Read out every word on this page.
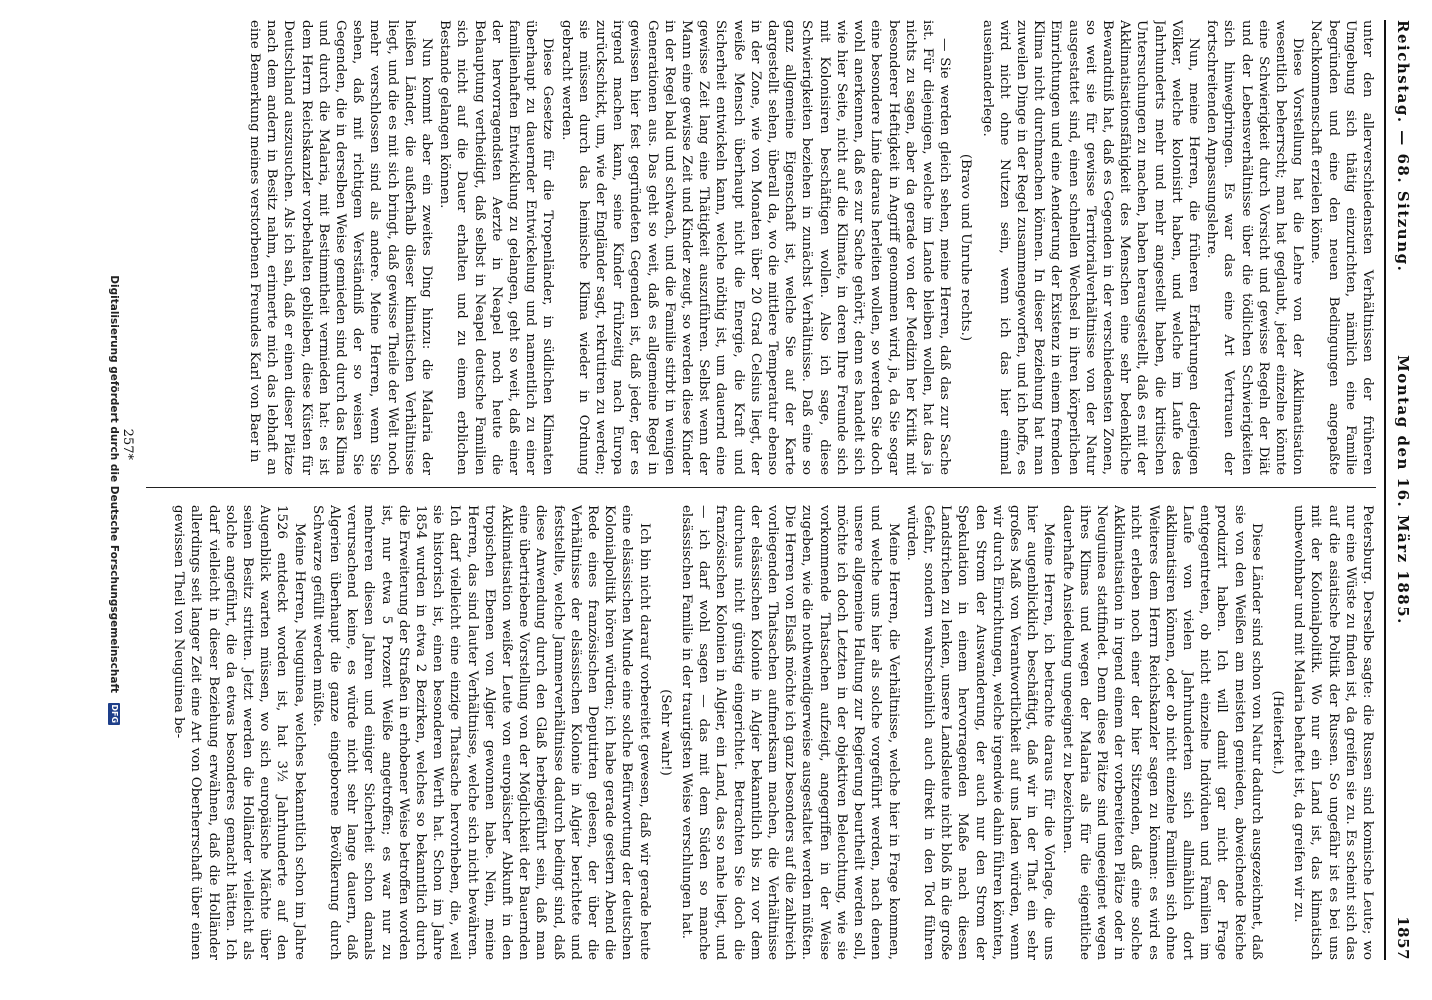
Reichstag. — 68. Sitzung.
Montag den 16. März 1885.
1857

unter den allerverschiedensten Verhältnissen der früheren Umgebung sich thätig einzurichten, nämlich eine Familie begründen und eine den neuen Bedingungen angepaßte Nachkommenschaft erzielen könne.

Diese Vorstellung hat die Lehre von der Akklimatisation wesentlich beherrscht; man hat geglaubt, jeder einzelne könnte eine Schwierigkeit durch Vorsicht und gewisse Regeln der Diät und der Lebensverhältnisse über die tödlichen Schwierigkeiten sich hinwegbringen. Es war das eine Art Vertrauen der fortschreitenden Anpassungslehre.

Nun, meine Herren, die früheren Erfahrungen derjenigen Völker, welche kolonisirt haben, und welche im Laufe des Jahrhunderts mehr und mehr angestellt haben, die kritischen Untersuchungen zu machen, haben herausgestellt, daß es mit der Akklimatisationsfähigkeit des Menschen eine sehr bedenkliche Bewandtniß hat, daß es Gegenden in der verschiedensten Zonen, so weit sie für gewisse Territorialverhältnisse von der Natur ausgestattet sind, einen schnellen Wechsel in ihren körperlichen Einrichtungen und eine Aenderung der Existenz in einem fremden Klima nicht durchmachen können. In dieser Beziehung hat man zuweilen Dinge in der Regel zusammengeworfen, und ich hoffe, es wird nicht ohne Nutzen sein, wenn ich das hier einmal auseinanderlege.

(Bravo und Unruhe rechts.)

— Sie werden gleich sehen, meine Herren, daß das zur Sache ist. Für diejenigen, welche im Lande bleiben wollen, hat das ja nichts zu sagen, aber da gerade von der Medizin her Kritik mit besonderer Heftigkeit in Angriff genommen wird, ja, da Sie sogar eine besondere Linie daraus herleiten wollen, so werden Sie doch wohl anerkennen, daß es zur Sache gehört; denn es handelt sich wie hier Seite, nicht auf die Klimate, in deren Ihre Freunde sich mit Kolonisiren beschäftigen wollen. Also ich sage, diese Schwierigkeiten beziehen in zunächst Verhältnisse. Daß eine so ganz allgemeine Eigenschaft ist, welche Sie auf der Karte dargestellt sehen, überall da, wo die mittlere Temperatur ebenso in der Zone, wie von Monaten über 20 Grad Celsius liegt, der weiße Mensch überhaupt nicht die Energie, die Kraft und Sicherheit entwickeln kann, welche nöthig ist, um dauernd eine gewisse Zeit lang eine Thätigkeit auszuführen. Selbst wenn der Mann eine gewisse Zeit und Kinder zeugt, so werden diese Kinder in der Regel bald und schwach, und die Familie stirbt in wenigen Generationen aus. Das geht so weit, daß es allgemeine Regel in gewissen hier fest gegründeten Gegenden ist, daß jeder, der es irgend machen kann, seine Kinder frühzeitig nach Europa zurückschickt, um, wie der Engländer sagt, rekrutiren zu werden; sie müssen durch das heimische Klima wieder in Ordnung gebracht werden.

Diese Gesetze für die Tropenländer, in südlichen Klimaten überhaupt zu dauernder Entwickelung und namentlich zu einer familienhaften Entwicklung zu gelangen, geht so weit, daß einer der hervorragendsten Aerzte in Neapel noch heute die Behauptung vertheidigt, daß selbst in Neapel deutsche Familien sich nicht auf die Dauer erhalten und zu einem erblichen Bestande gelangen können.

Nun kommt aber ein zweites Ding hinzu: die Malaria der heißen Länder, die außerhalb dieser klimatischen Verhältnisse liegt, und die es mit sich bringt, daß gewisse Theile der Welt noch mehr verschlossen sind als andere. Meine Herren, wenn Sie sehen, daß mit richtigem Verständniß der so weisen Sie Gegenden, die in derselben Weise gemieden sind durch das Klima und durch die Malaria, mit Bestimmtheit vermieden hat: es ist dem Herrn Reichskanzler vorbehalten geblieben, diese Küsten für Deutschland auszusuchen. Als ich sah, daß er einen dieser Plätze nach dem andern in Besitz nahm, erinnerte mich das lebhaft an eine Bemerkung meines verstorbenen Freundes Karl von Baer in

Petersburg. Derselbe sagte: die Russen sind komische Leute; wo nur eine Wüste zu finden ist, da greifen sie zu. Es scheint sich das auf die asiatische Politik der Russen. So ungefähr ist es bei uns mit der Kolonialpolitik. Wo nur ein Land ist, das klimatisch unbewohnbar und mit Malaria behaftet ist, da greifen wir zu.

(Heiterkeit.)

Diese Länder sind schon von Natur dadurch ausgezeichnet, daß sie von den Weißen am meisten gemieden, abweichende Reiche produzirt haben. Ich will damit gar nicht der Frage entgegentreten, ob nicht einzelne Individuen und Familien im Laufe von vielen Jahrhunderten sich allmählich dort akklimatisiren können, oder ob nicht einzelne Familien sich ohne Weiteres dem Herrn Reichskanzler sagen zu können: es wird es nicht erleben noch einer der hier Sitzenden, daß eine solche Akklimatisation in irgend einem der vorbereiteten Plätze oder in Neuguinea stattfindet. Denn diese Plätze sind ungeeignet wegen ihres Klimas und wegen der Malaria als für die eigentliche dauerhafte Ansiedelung ungeeignet zu bezeichnen.

Meine Herren, ich betrachte daraus für die Vorlage, die uns hier augenblicklich beschäftigt, daß wir in der That ein sehr großes Maß von Verantwortlichkeit auf uns laden würden, wenn wir durch Einrichtungen, welche irgendwie dahin führen könnten, den Strom der Auswanderung, der auch nur den Strom der Spekulation in einem hervorragenden Maße nach diesen Landstrichen zu lenken, unsere Landsleute nicht bloß in die große Gefahr, sondern wahrscheinlich auch direkt in den Tod führen würden.

Meine Herren, die Verhältnisse, welche hier in Frage kommen, und welche uns hier als solche vorgeführt werden, nach denen unsere allgemeine Haltung zur Regierung beurtheilt werden soll, möchte ich doch Letzten in der objektiven Beleuchtung, wie sie vorkommende Thatsachen aufzeigt, angegriffen in der Weise zugeben, wie die nothwendigerweise ausgestaltet werden müßten. Die Herren von Elsaß möchte ich ganz besonders auf die zahlreich vorliegenden Thatsachen aufmerksam machen, die Verhältnisse der elsässischen Kolonie in Algier bekanntlich bis zu vor dem durchaus nicht günstig eingerichtet. Betrachten Sie doch die französischen Kolonien in Algier, ein Land, das so nahe liegt, und — ich darf wohl sagen — das mit dem Süden so manche elsässischen Familie in der traurigsten Weise verschlungen hat.

(Sehr wahr!)

Ich bin nicht darauf vorbereitet gewesen, daß wir gerade heute eine elsässischen Munde eine solche Befürwortung der deutschen Kolonialpolitik hören würden; ich habe gerade gestern Abend die Rede eines französischen Deputirten gelesen, der über die Verhältnisse der elsässischen Kolonie in Algier berichtete und feststellte, welche Jammerverhältnisse dadurch bedingt sind, daß diese Anwendung durch den Glaß herbeigeführt sein, daß man eine übertriebene Vorstellung von der Möglichkeit der Bauernden Akklimatisation weißer Leute von europäischer Abkunft in den tropischen Ebenen von Algier gewonnen habe. Nein, meine Herren, das sind lauter Verhältnisse, welche sich nicht bewähren. Ich darf vielleicht eine einzige Thatsache hervorheben, die, weil sie historisch ist, einen besonderen Werth hat. Schon im Jahre 1854 wurden in etwa 2 Bezirken, welches so bekanntlich durch die Erweiterung der Straßen in erhobener Weise betroffen worden ist, nur etwa 5 Prozent Weiße angetroffen; es war nur zu mehreren diesen Jahren und einiger Sicherheit schon damals verursachend keine, es würde nicht sehr lange dauern, daß Algerien überhaupt die ganze eingeborene Bevölkerung durch Schwarze gefüllt werden müßte.

Meine Herren, Neuguinea, welches bekanntlich schon im Jahre 1526 entdeckt worden ist, hat 3½ Jahrhunderte auf den Augenblick warten müssen, wo sich europäische Mächte über seinen Besitz stritten. Jetzt werden die Holländer vielleicht als solche angeführt, die da etwas besonderes gemacht hätten. Ich darf vielleicht in dieser Beziehung erwähnen, daß die Holländer allerdings seit langer Zeit eine Art von Oberherrschaft über einen gewissen Theil von Neuguinea be-

257*
Digitalisierung gefördert durch die Deutsche Forschungsgemeinschaft DFG
